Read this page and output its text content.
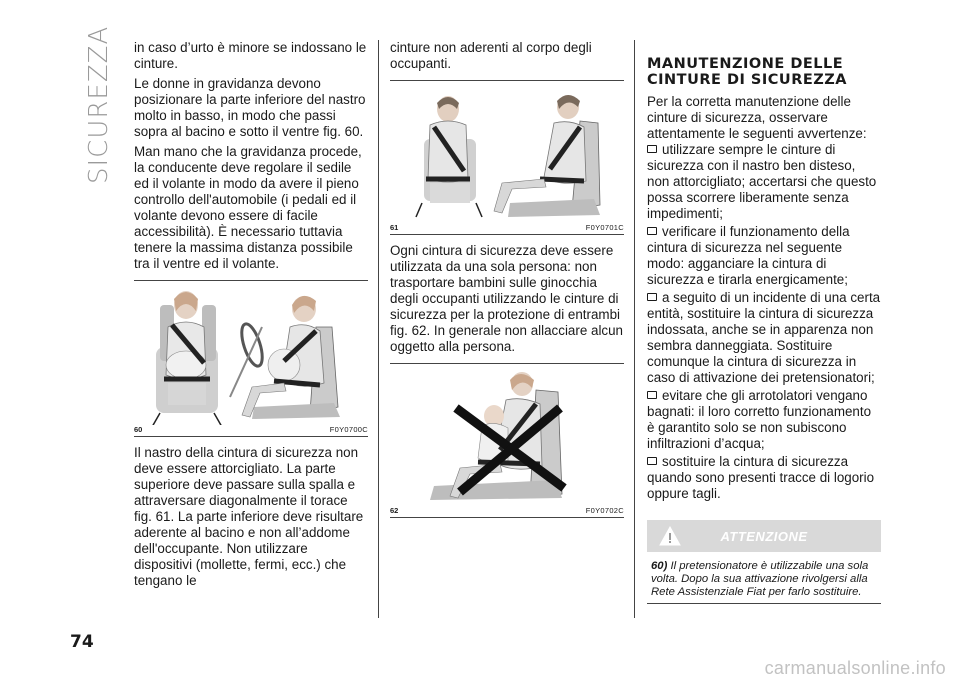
SICUREZZA in caso d’urto è minore se indossano le cinture.

Le donne in gravidanza devono posizionare la parte inferiore del nastro molto in basso, in modo che passi sopra al bacino e sotto il ventre fig. 60.

Man mano che la gravidanza procede, la conducente deve regolare il sedile ed il volante in modo da avere il pieno controllo dell'automobile (i pedali ed il volante devono essere di facile accessibilità). È necessario tuttavia tenere la massima distanza possibile tra il ventre ed il volante.

60	F0Y0700C

Il nastro della cintura di sicurezza non deve essere attorcigliato. La parte superiore deve passare sulla spalla e attraversare diagonalmente il torace fig. 61. La parte inferiore deve risultare aderente al bacino e non all’addome dell'occupante. Non utilizzare dispositivi (mollette, fermi, ecc.) che tengano le

cinture non aderenti al corpo degli occupanti.

61	F0Y0701C

Ogni cintura di sicurezza deve essere utilizzata da una sola persona: non trasportare bambini sulle ginocchia degli occupanti utilizzando le cinture di sicurezza per la protezione di entrambi fig. 62. In generale non allacciare alcun oggetto alla persona.

62	F0Y0702C
MANUTENZIONE DELLE CINTURE DI SICUREZZA

Per la corretta manutenzione delle cinture di sicurezza, osservare attentamente le seguenti avvertenze:

utilizzare sempre le cinture di sicurezza con il nastro ben disteso, non attorcigliato; accertarsi che questo possa scorrere liberamente senza impedimenti;
verificare il funzionamento della cintura di sicurezza nel seguente modo: agganciare la cintura di sicurezza e tirarla energicamente;
a seguito di un incidente di una certa entità, sostituire la cintura di sicurezza indossata, anche se in apparenza non sembra danneggiata. Sostituire comunque la cintura di sicurezza in caso di attivazione dei pretensionatori;
evitare che gli arrotolatori vengano bagnati: il loro corretto funzionamento è garantito solo se non subiscono infiltrazioni d’acqua;
sostituire la cintura di sicurezza quando sono presenti tracce di logorio oppure tagli.
ATTENZIONE
60) Il pretensionatore è utilizzabile una sola volta. Dopo la sua attivazione rivolgersi alla Rete Assistenziale Fiat per farlo sostituire.
74
carmanualsonline.info
